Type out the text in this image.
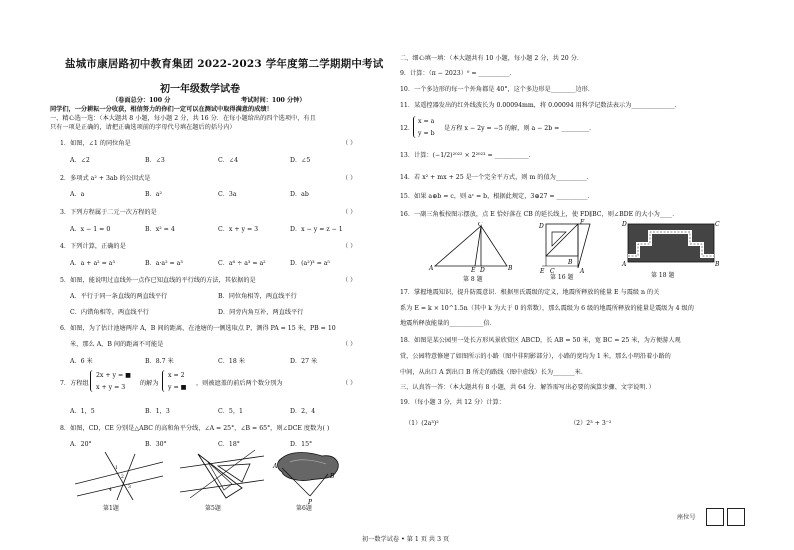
盐城市康居路初中教育集团 2022-2023 学年度第二学期期中考试
初一年级数学试卷
（卷面总分：100 分	考试时间：100 分钟）
同学们，一分耕耘一分收获，相信努力的你们一定可以在测试中取得满意的成绩！
一、精心选一选：（本大题共 8 小题，每小题 2 分，共 16 分．在每小题给出的四个选项中，有且
只有一项是正确的，请把正确选项前的字母代号填在题后的括号内）
1．如图，∠1 的同位角是	（ ）
A．∠2	B．∠3	C．∠4	D．∠5
2．多项式 a² + 3ab 的公因式是	（ ）
A．a	B．a²	C．3a	D．ab
3．下列方程属于二元一次方程的是	（ ）
A．x − 1 = 0	B．x² = 4	C．x + y = 3	D．x − y = z − 1
4．下列计算，正确的是	（ ）
A．a + a² = a³	B．a·a² = a³	C．a⁶ ÷ a³ = a²	D．(a²)³ = a⁵
5．如图，能说明过直线外一点作已知直线的平行线的方法，其依据的是	（ ）
A．平行于同一条直线的两直线平行	B．同位角相等，两直线平行
C．内错角相等，两直线平行	D．同旁内角互补，两直线平行
6．如图，为了估计池塘两岸 A，B 间的距离，在池塘的一侧选取点 P，测得 PA = 15 米，PB = 10
米，那么 A，B 间的距离不可能是	（ ）
A．6 米	B．8.7 米	C．18 米	D．27 米
7．方程组
2x + y = ■
x + y = 3
的解为
x = 2
y = ■
，则被遮盖的前后两个数分别为	（ ）
A．1，5	B．1，3	C．5，1	D．2，4
8．如图，CD，CE 分别是△ABC 的高和角平分线，∠A = 25°，∠B = 65°，则∠DCE 度数为( )
A．20°	B．30°	C．18°	D．15°
1
2
3
4
第1题	第5题
A
B
P
第6题
二、细心填一填：（本大题共有 10 小题，每小题 2 分，共 20 分．
9．计算：（π − 2023）⁰ = __________．
10．一个多边形的每一个外角都是 40°，这个多边形是________边形．
11．某遥控器发出的红外线波长为 0.00094mm，将 0.00094 用科学记数法表示为______________．
12．
x = a
y = b
是方程 x − 2y = −5 的解，则 a − 2b = _________．
13．计算：(−1/2)²⁰²² × 2²⁰²³ = ___________．
14．若 x² + mx + 25 是一个完全平方式，则 m 的值为__________．
15．如果 a⊕b = c，则 aᶜ = b，根据此规定，3⊕27 = __________．
16．一副三角板按图示摆放，点 E 恰好落在 CB 的延长线上，使 FD∥BC，则∠BDE 的大小为____．
A	E D	B
C
第 8 题
D
F
B
E C	A
第 16 题
D	C
A	B
第 18 题
17．掌握地震知识，提升防震意识．根据里氏震级的定义，地震所释放的能量 E 与震级 n 的关
系为 E = k × 10^1.5n（其中 k 为大于 0 的常数），那么震级为 6 级的地震所释放的能量是震级为 4 级的
地震所释放能量的___________倍．
18．如图是某公园里一处长方形风景欣赏区 ABCD，长 AB = 50 米，宽 BC = 25 米，为方便游人观
赏，公园特意修建了如图所示的小路（图中非阴影部分），小路的宽均为 1 米，那么小明沿着小路的
中间，从出口 A 到出口 B 所走的路线（图中虚线）长为_______米．
三、认真答一答：（本大题共有 8 小题，共 64 分．解答需写出必要的演算步骤、文字说明．）
19．（每小题 3 分，共 12 分）计算：
（1）(2a³)²	（2）2³ + 3⁻²
初一数学试卷 • 第 1 页 共 3 页
座位号
